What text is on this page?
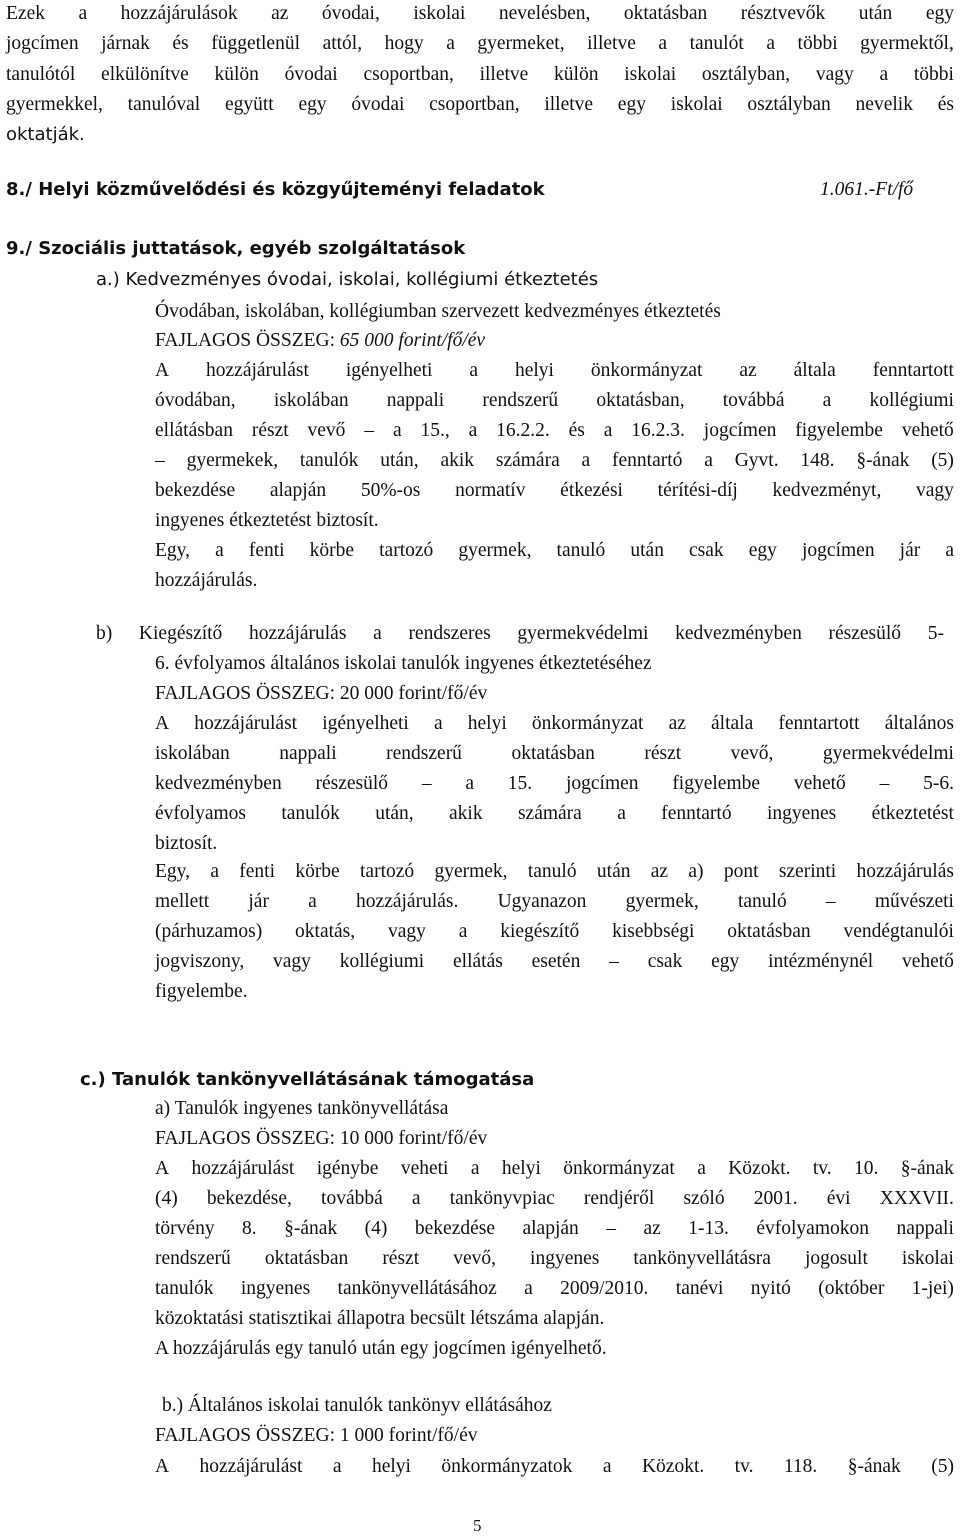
Ezek a hozzájárulások az óvodai, iskolai nevelésben, oktatásban résztvevők után egy
jogcímen járnak és függetlenül attól, hogy a gyermeket, illetve a tanulót a többi gyermektől,
tanulótól elkülönítve külön óvodai csoportban, illetve külön iskolai osztályban, vagy a többi
gyermekkel, tanulóval együtt egy óvodai csoportban, illetve egy iskolai osztályban nevelik és
oktatják.
8./ Helyi közművelődési és közgyűjteményi feladatok	1.061.-Ft/fő
9./ Szociális juttatások, egyéb szolgáltatások
a.) Kedvezményes óvodai, iskolai, kollégiumi étkeztetés
Óvodában, iskolában, kollégiumban szervezett kedvezményes étkeztetés
FAJLAGOS ÖSSZEG: 65 000 forint/fő/év
A hozzájárulást igényelheti a helyi önkormányzat az általa fenntartott
óvodában, iskolában nappali rendszerű oktatásban, továbbá a kollégiumi
ellátásban részt vevő – a 15., a 16.2.2. és a 16.2.3. jogcímen figyelembe vehető
– gyermekek, tanulók után, akik számára a fenntartó a Gyvt. 148. §-ának (5)
bekezdése alapján 50%-os normatív étkezési térítési-díj kedvezményt, vagy
ingyenes étkeztetést biztosít.
Egy, a fenti körbe tartozó gyermek, tanuló után csak egy jogcímen jár a
hozzájárulás.
b) Kiegészítő hozzájárulás a rendszeres gyermekvédelmi kedvezményben részesülő 5-
6. évfolyamos általános iskolai tanulók ingyenes étkeztetéséhez
FAJLAGOS ÖSSZEG: 20 000 forint/fő/év
A hozzájárulást igényelheti a helyi önkormányzat az általa fenntartott általános
iskolában	nappali	rendszerű	oktatásban	részt	vevő,	gyermekvédelmi
kedvezményben részesülő – a 15. jogcímen figyelembe vehető – 5-6.
évfolyamos tanulók után, akik számára a fenntartó ingyenes étkeztetést
biztosít.
Egy, a fenti körbe tartozó gyermek, tanuló után az a) pont szerinti hozzájárulás
mellett jár a hozzájárulás. Ugyanazon gyermek, tanuló – művészeti
(párhuzamos) oktatás, vagy a kiegészítő kisebbségi oktatásban vendégtanulói
jogviszony, vagy kollégiumi ellátás esetén – csak egy intézménynél vehető
figyelembe.
c.) Tanulók tankönyvellátásának támogatása
a) Tanulók ingyenes tankönyvellátása
FAJLAGOS ÖSSZEG: 10 000 forint/fő/év
A hozzájárulást igénybe veheti a helyi önkormányzat a Közokt. tv. 10. §-ának
(4) bekezdése, továbbá a tankönyvpiac rendjéről szóló 2001. évi XXXVII.
törvény 8. §-ának (4) bekezdése alapján – az 1-13. évfolyamokon nappali
rendszerű oktatásban részt vevő, ingyenes tankönyvellátásra jogosult iskolai
tanulók ingyenes tankönyvellátásához a 2009/2010. tanévi nyitó (október 1-jei)
közoktatási statisztikai állapotra becsült létszáma alapján.
A hozzájárulás egy tanuló után egy jogcímen igényelhető.
b.) Általános iskolai tanulók tankönyv ellátásához
FAJLAGOS ÖSSZEG: 1 000 forint/fő/év
A hozzájárulást a helyi önkormányzatok a Közokt. tv. 118. §-ának (5)
5
